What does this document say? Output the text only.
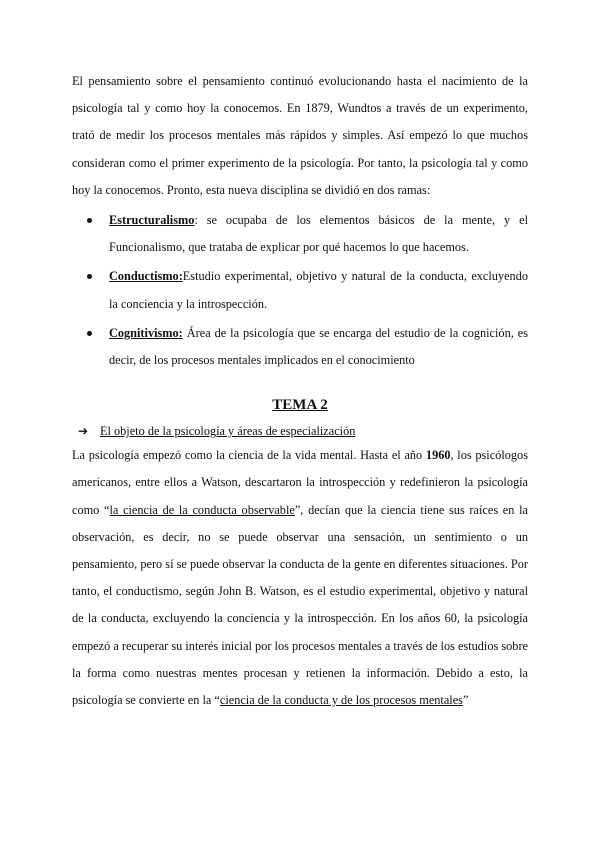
El pensamiento sobre el pensamiento continuó evolucionando hasta el nacimiento de la psicología tal y como hoy la conocemos. En 1879, Wundtos a través de un experimento, trató de medir los procesos mentales más rápidos y simples. Así empezó lo que muchos consideran como el primer experimento de la psicología. Por tanto, la psicología tal y como hoy la conocemos. Pronto, esta nueva disciplina se dividió en dos ramas:

Estructuralismo: se ocupaba de los elementos básicos de la mente, y el Funcionalismo, que trataba de explicar por qué hacemos lo que hacemos.

Conductismo:Estudio experimental, objetivo y natural de la conducta, excluyendo la conciencia y la introspección.

Cognitivismo: Área de la psicología que se encarga del estudio de la cognición, es decir, de los procesos mentales implicados en el conocimiento

TEMA 2
➔ El objeto de la psicología y áreas de especialización

La psicología empezó como la ciencia de la vida mental. Hasta el año 1960, los psicólogos americanos, entre ellos a Watson, descartaron la introspección y redefinieron la psicología como “la ciencia de la conducta observable”, decían que la ciencia tiene sus raíces en la observación, es decir, no se puede observar una sensación, un sentimiento o un pensamiento, pero sí se puede observar la conducta de la gente en diferentes situaciones. Por tanto, el conductismo, según John B. Watson, es el estudio experimental, objetivo y natural de la conducta, excluyendo la conciencia y la introspección. En los años 60, la psicología empezó a recuperar su interés inicial por los procesos mentales a través de los estudios sobre la forma como nuestras mentes procesan y retienen la información. Debido a esto, la psicología se convierte en la “ciencia de la conducta y de los procesos mentales”
